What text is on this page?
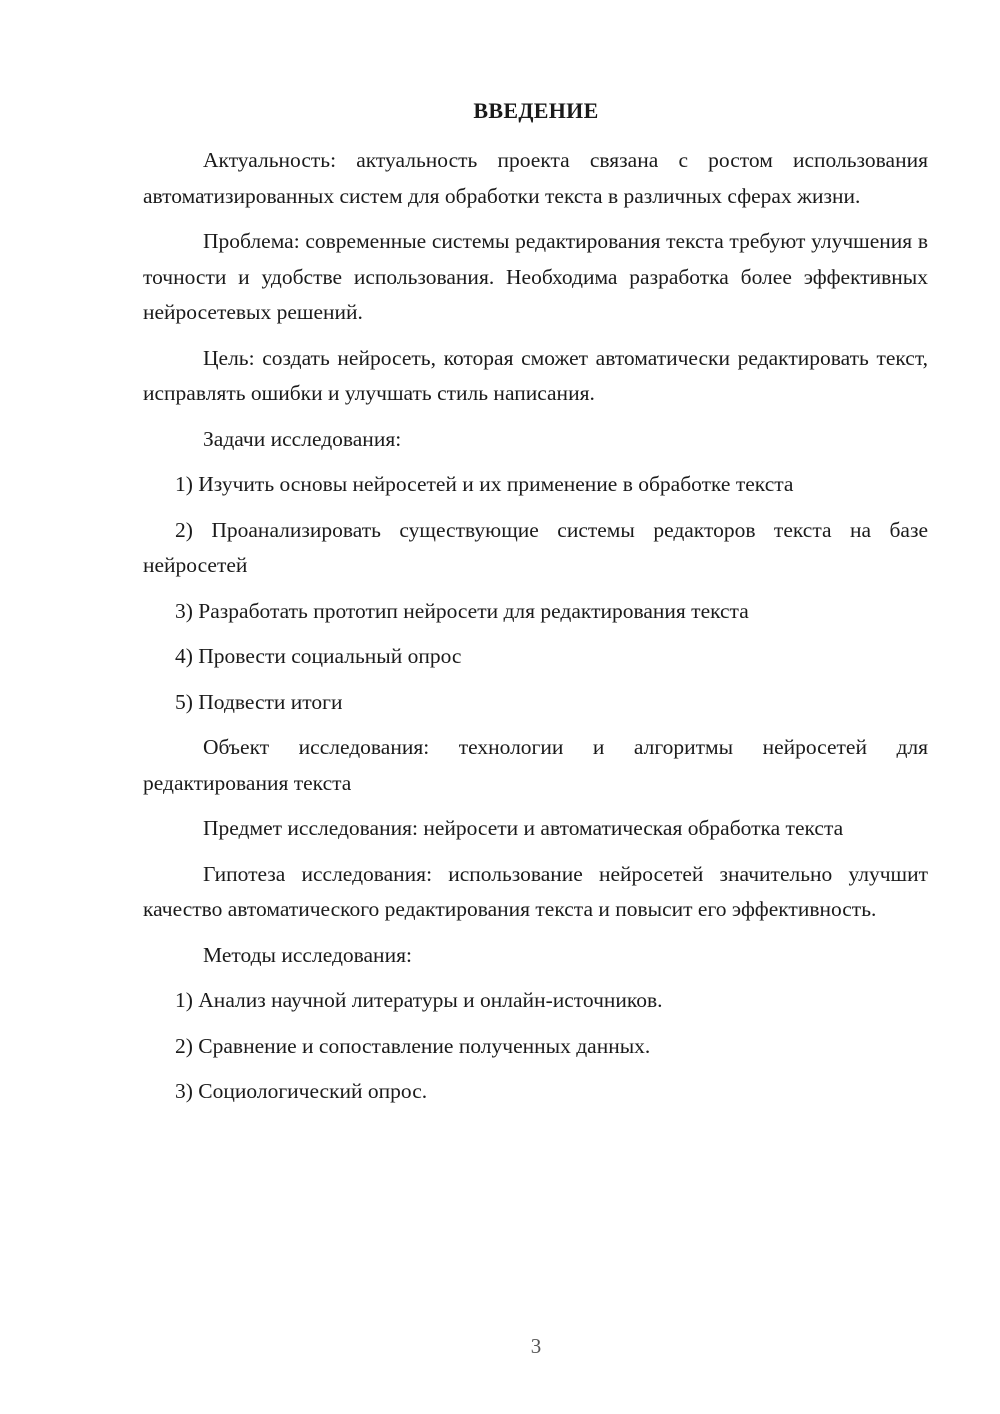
ВВЕДЕНИЕ

Актуальность: актуальность проекта связана с ростом использования автоматизированных систем для обработки текста в различных сферах жизни.

Проблема: современные системы редактирования текста требуют улучшения в точности и удобстве использования. Необходима разработка более эффективных нейросетевых решений.

Цель: создать нейросеть, которая сможет автоматически редактировать текст, исправлять ошибки и улучшать стиль написания.

Задачи исследования:

1) Изучить основы нейросетей и их применение в обработке текста

2) Проанализировать существующие системы редакторов текста на базе нейросетей

3) Разработать прототип нейросети для редактирования текста

4) Провести социальный опрос

5) Подвести итоги

Объект исследования: технологии и алгоритмы нейросетей для редактирования текста

Предмет исследования: нейросети и автоматическая обработка текста

Гипотеза исследования: использование нейросетей значительно улучшит качество автоматического редактирования текста и повысит его эффективность.

Методы исследования:

1) Анализ научной литературы и онлайн-источников.

2) Сравнение и сопоставление полученных данных.

3) Социологический опрос.

3
